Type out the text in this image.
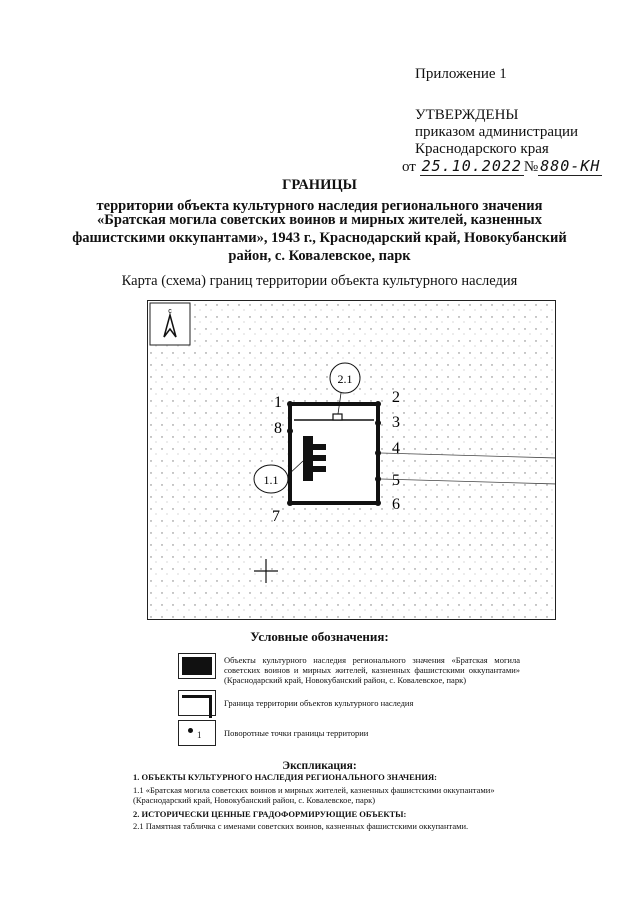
Приложение 1
УТВЕРЖДЕНЫ
приказом администрации
Краснодарского края
от 25.10.2022 № 880-КН
ГРАНИЦЫ
территории объекта культурного наследия регионального значения
«Братская могила советских воинов и мирных жителей, казненных
фашистскими оккупантами», 1943 г., Краснодарский край, Новокубанский
район, с. Ковалевское, парк
Карта (схема) границ территории объекта культурного наследия
с
2.1
1.1
1	2
3
4
5
6
7
8
Условные обозначения:
Объекты культурного наследия регионального значения «Братская могила советских воинов и мирных жителей, казненных фашистскими оккупантами» (Краснодарский край, Новокубанский район, с. Ковалевское, парк)
Граница территории объектов культурного наследия
1	Поворотные точки границы территории
Экспликация:
1. ОБЪЕКТЫ КУЛЬТУРНОГО НАСЛЕДИЯ РЕГИОНАЛЬНОГО ЗНАЧЕНИЯ:
1.1 «Братская могила советских воинов и мирных жителей, казненных фашистскими оккупантами» (Краснодарский край, Новокубанский район, с. Ковалевское, парк)
2. ИСТОРИЧЕСКИ ЦЕННЫЕ ГРАДОФОРМИРУЮЩИЕ ОБЪЕКТЫ:
2.1 Памятная табличка с именами советских воинов, казненных фашистскими оккупантами.
